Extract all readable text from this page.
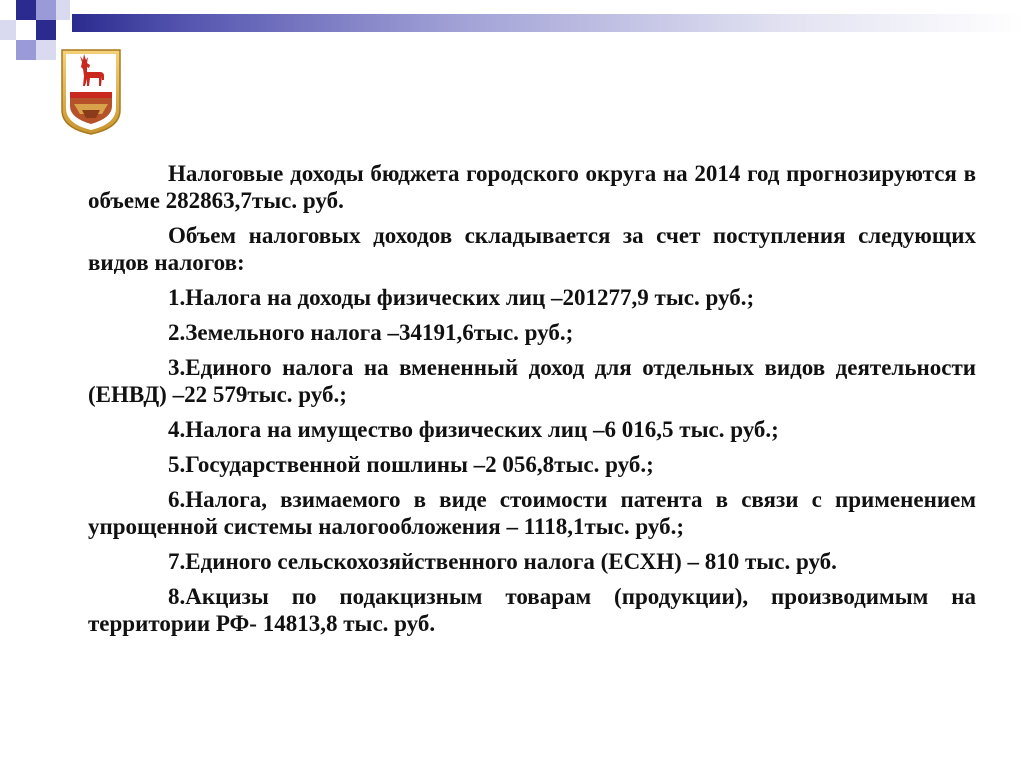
Налоговые доходы бюджета городского округа на 2014 год прогнозируются в объеме 282863,7тыс. руб.

Объем налоговых доходов складывается за счет поступления следующих видов налогов:

1.Налога на доходы физических лиц –201277,9 тыс. руб.;

2.Земельного налога –34191,6тыс. руб.;

3.Единого налога на вмененный доход для отдельных видов деятельности (ЕНВД) –22 579тыс. руб.;

4.Налога на имущество физических лиц –6 016,5 тыс. руб.;

5.Государственной пошлины –2 056,8тыс. руб.;

6.Налога, взимаемого в виде стоимости патента в связи с применением упрощенной системы налогообложения – 1118,1тыс. руб.;

7.Единого сельскохозяйственного налога (ЕСХН) – 810 тыс. руб.

8.Акцизы по подакцизным товарам (продукции), производимым на территории РФ- 14813,8 тыс. руб.
